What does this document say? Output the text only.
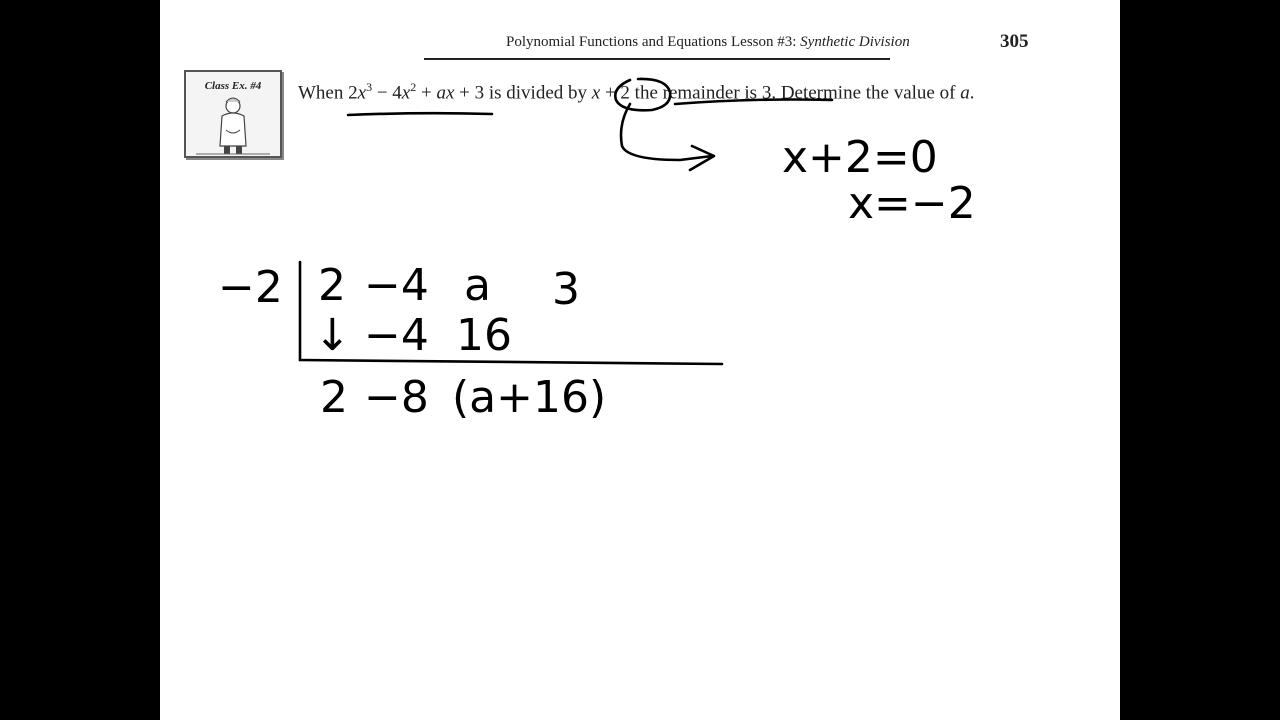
Polynomial Functions and Equations Lesson #3: Synthetic Division	305
Class Ex. #4	When $2x^3 - 4x^2$ + ax + 3 is divided by x + 2 the remainder is 3. Determine the value of a.
x+2=0
x=−2
−2 2 −4 a 3
↓ −4 16
2 −8 (a+16)
